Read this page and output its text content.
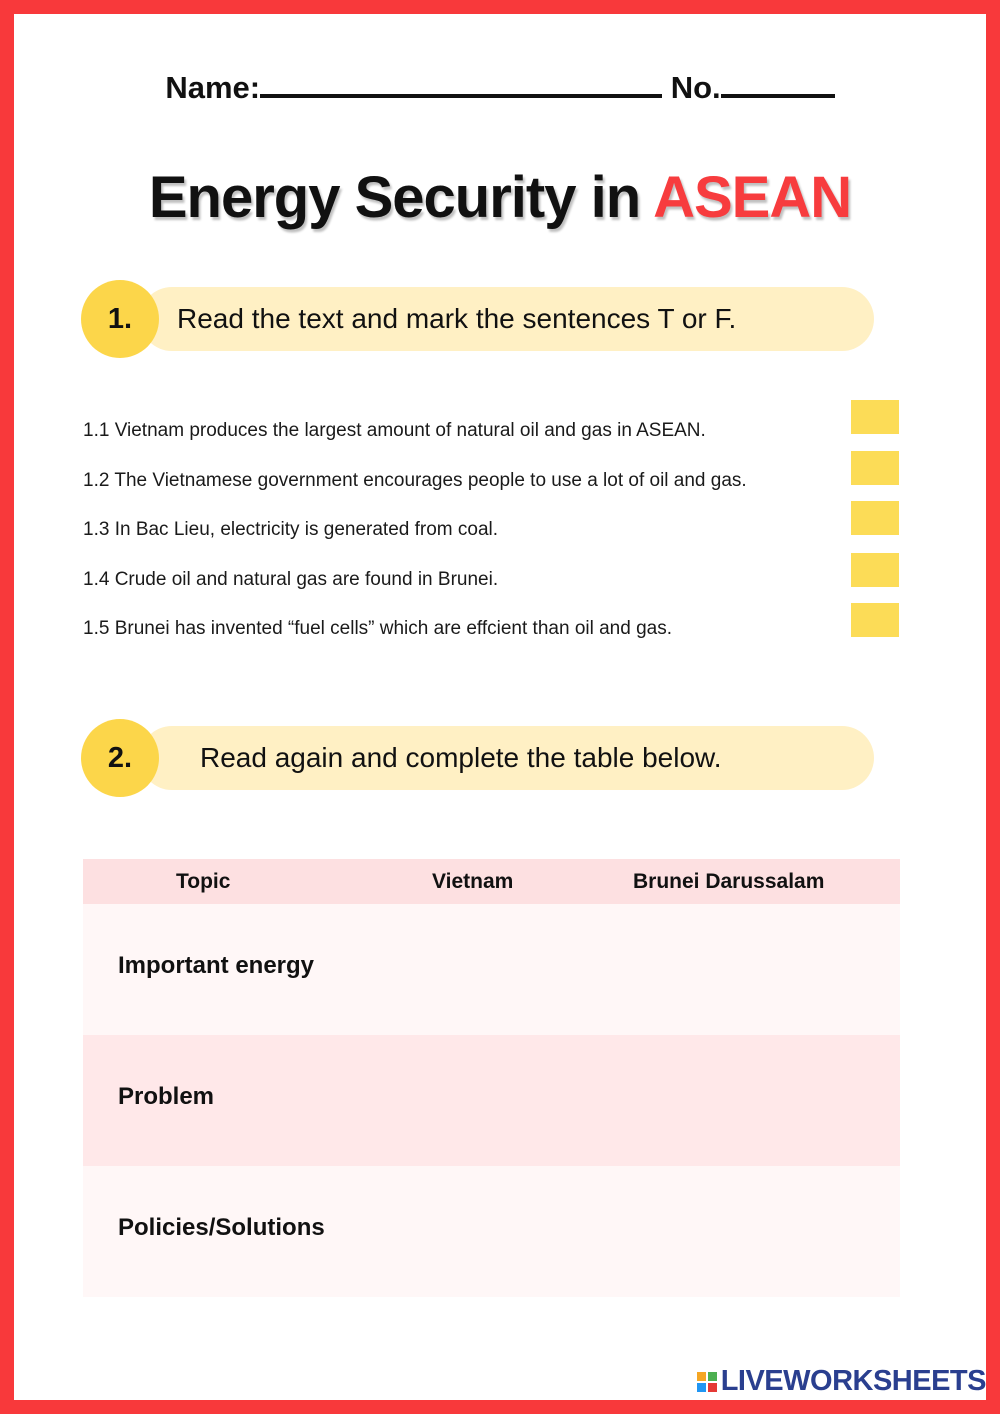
Name:	No.
Energy Security in ASEAN
Read the text and mark the sentences T or F.
1.
1.1 Vietnam produces the largest amount of natural oil and gas in ASEAN.
1.2 The Vietnamese government encourages people to use a lot of oil and gas.
1.3 In Bac Lieu, electricity is generated from coal.
1.4 Crude oil and natural gas are found in Brunei.
1.5 Brunei has invented “fuel cells” which are effcient than oil and gas.
Read again and complete the table below.
2.
Topic	Vietnam	Brunei Darussalam
Important energy
Problem
Policies/Solutions
LIVEWORKSHEETS
